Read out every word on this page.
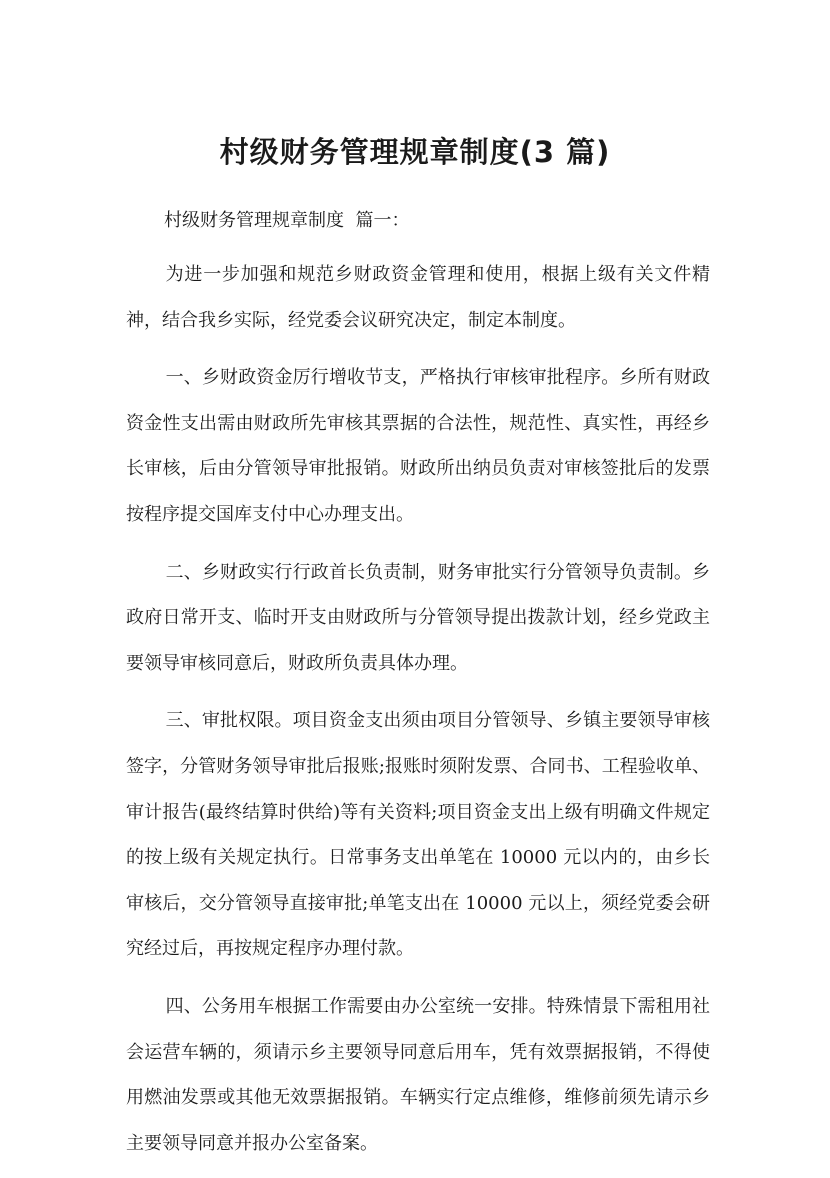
村级财务管理规章制度(3 篇)
村级财务管理规章制度  篇一：

为进一步加强和规范乡财政资金管理和使用，根据上级有关文件精神，结合我乡实际，经党委会议研究决定，制定本制度。

一、乡财政资金厉行增收节支，严格执行审核审批程序。乡所有财政资金性支出需由财政所先审核其票据的合法性，规范性、真实性，再经乡长审核，后由分管领导审批报销。财政所出纳员负责对审核签批后的发票按程序提交国库支付中心办理支出。

二、乡财政实行行政首长负责制，财务审批实行分管领导负责制。乡政府日常开支、临时开支由财政所与分管领导提出拨款计划，经乡党政主要领导审核同意后，财政所负责具体办理。

三、审批权限。项目资金支出须由项目分管领导、乡镇主要领导审核签字，分管财务领导审批后报账;报账时须附发票、合同书、工程验收单、审计报告(最终结算时供给)等有关资料;项目资金支出上级有明确文件规定的按上级有关规定执行。日常事务支出单笔在 10000 元以内的，由乡长审核后，交分管领导直接审批;单笔支出在 10000 元以上，须经党委会研究经过后，再按规定程序办理付款。

四、公务用车根据工作需要由办公室统一安排。特殊情景下需租用社会运营车辆的，须请示乡主要领导同意后用车，凭有效票据报销，不得使用燃油发票或其他无效票据报销。车辆实行定点维修，维修前须先请示乡主要领导同意并报办公室备案。
